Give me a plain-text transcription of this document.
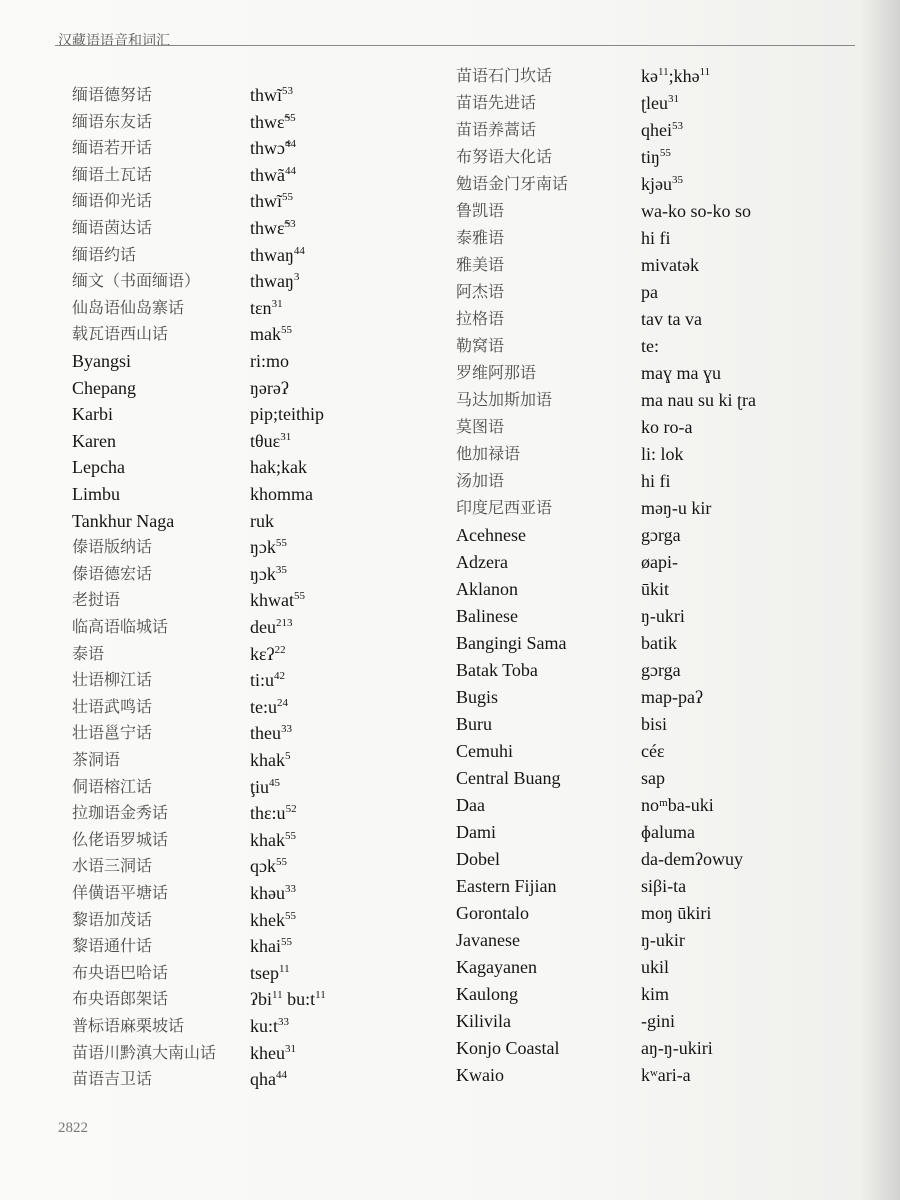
汉藏语语音和词汇
缅语德努话	thwĩ$^{53}$
缅语东友话	thwɛ̃$^{55}$
缅语若开话	thwɔ̃$^{44}$
缅语土瓦话	thwã$^{44}$
缅语仰光话	thwĩ$^{55}$
缅语茵达话	thwɛ̃$^{53}$
缅语约话	thwaŋ$^{44}$
缅文（书面缅语）	thwaŋ$^3$
仙岛语仙岛寨话	tɛn$^{31}$
载瓦语西山话	mak$^{55}$
Byangsi	ri:mo
Chepang	ŋərəʔ
Karbi	pip;teithip
Karen	tθuɛ$^{31}$
Lepcha	hak;kak
Limbu	khomma
Tankhur Naga	ruk
傣语版纳话	ŋɔk$^{55}$
傣语德宏话	ŋɔk$^{35}$
老挝语	khwat$^{55}$
临高语临城话	deu$^{213}$
泰语	kɛʔ$^{22}$
壮语柳江话	$ti:u^{42}$
壮语武鸣话	$te:u^{24}$
壮语邕宁话	theu$^{33}$
茶洞语	khak$^5$
侗语榕江话	ţiu$^{45}$
拉珈语金秀话	$thɛ:u^{52}$
仫佬语罗城话	khak$^{55}$
水语三洞话	qɔk$^{55}$
佯僙语平塘话	khəu$^{33}$
黎语加茂话	khek$^{55}$
黎语通什话	khai$^{55}$
布央语巴哈话	tsep$^{11}$
布央语郎架话	ʔbi$^{11}$ $bu:t^{11}$
普标语麻栗坡话	$ku:t^{33}$
苗语川黔滇大南山话 kheu$^{31}$
苗语吉卫话	qha$^{44}$
苗语石门坎话	kə$^{11}$;khə$^{11}$
苗语先进话	ʈleu$^{31}$
苗语养蒿话	qhei$^{53}$
布努语大化话	tiŋ$^{55}$
勉语金门牙南话	kjəu$^{35}$
鲁凯语	wa-ko so-ko so
泰雅语	hi fi
雅美语	mivatək
阿杰语	pa
拉格语	tav ta va
勒窝语	te:
罗维阿那语	maɣ ma ɣu
马达加斯加语	ma nau su ki ʈra
莫图语	ko ro-a
他加禄语	li: lok
汤加语	hi fi
印度尼西亚语	məŋ-u kir
Acehnese	gɔrga
Adzera	øapi-
Aklanon	ūkit
Balinese	ŋ-ukri
Bangingi Sama	batik
Batak Toba	gɔrga
Bugis	map-paʔ
Buru	bisi
Cemuhi	céɛ
Central Buang	sap
Daa	noᵐba-uki
Dami	ɸaluma
Dobel	da-demʔowuy
Eastern Fijian	siβi-ta
Gorontalo	moŋ ūkiri
Javanese	ŋ-ukir
Kagayanen	ukil
Kaulong	kim
Kilivila	-gini
Konjo Coastal	aŋ-ŋ-ukiri
Kwaio	kʷari-a
2822
